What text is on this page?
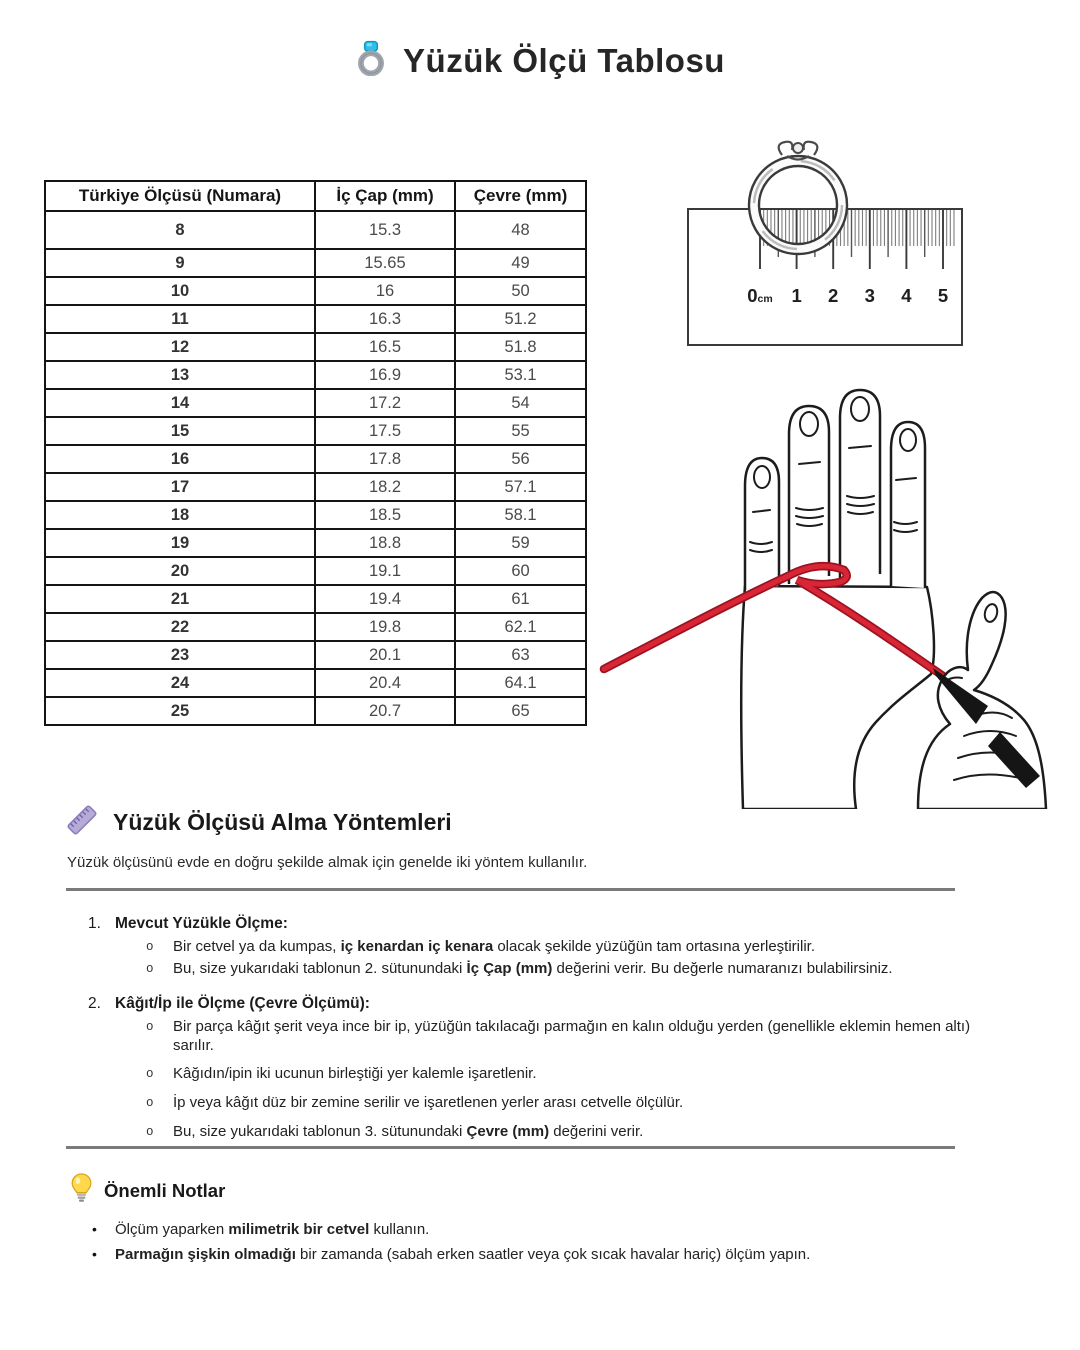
Yüzük Ölçü Tablosu
Türkiye Ölçüsü (Numara)	İç Çap (mm)	Çevre (mm)
8	15.3	48
9	15.65	49
10	16	50
11	16.3	51.2
12	16.5	51.8
13	16.9	53.1
14	17.2	54
15	17.5	55
16	17.8	56
17	18.2	57.1
18	18.5	58.1
19	18.8	59
20	19.1	60
21	19.4	61
22	19.8	62.1
23	20.1	63
24	20.4	64.1
25	20.7	65
0cm 1 2 3 4 5
Yüzük Ölçüsü Alma Yöntemleri

Yüzük ölçüsünü evde en doğru şekilde almak için genelde iki yöntem kullanılır.

1. Mevcut Yüzükle Ölçme:
o	Bir cetvel ya da kumpas, iç kenardan iç kenara olacak şekilde yüzüğün tam ortasına yerleştirilir.
o	Bu, size yukarıdaki tablonun 2. sütunundaki İç Çap (mm) değerini verir. Bu değerle numaranızı bulabilirsiniz.
2. Kâğıt/İp ile Ölçme (Çevre Ölçümü):
o	Bir parça kâğıt şerit veya ince bir ip, yüzüğün takılacağı parmağın en kalın olduğu yerden (genellikle eklemin hemen altı) sarılır.
o	Kâğıdın/ipin iki ucunun birleştiği yer kalemle işaretlenir.
o	İp veya kâğıt düz bir zemine serilir ve işaretlenen yerler arası cetvelle ölçülür.
o	Bu, size yukarıdaki tablonun 3. sütunundaki Çevre (mm) değerini verir.
Önemli Notlar
•	Ölçüm yaparken milimetrik bir cetvel kullanın.
•	Parmağın şişkin olmadığı bir zamanda (sabah erken saatler veya çok sıcak havalar hariç) ölçüm yapın.
